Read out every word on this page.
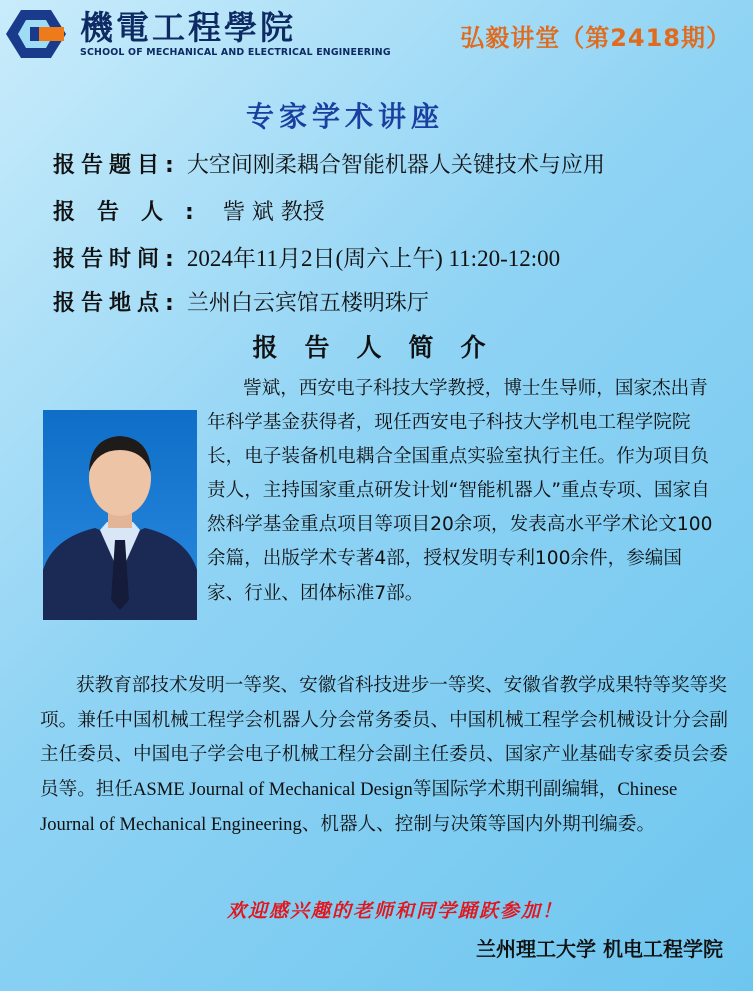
機電工程學院
SCHOOL OF MECHANICAL AND ELECTRICAL ENGINEERING
弘毅讲堂（第2418期）
专家学术讲座
报告题目: 大空间刚柔耦合智能机器人关键技术与应用
报告人: 訾 斌 教授
报告时间: 2024年11月2日(周六上午) 11:20-12:00
报告地点: 兰州白云宾馆五楼明珠厅
报告人简介
訾斌，西安电子科技大学教授，博士生导师，国家杰出青年科学基金获得者，现任西安电子科技大学机电工程学院院长，电子装备机电耦合全国重点实验室执行主任。作为项目负责人，主持国家重点研发计划“智能机器人”重点专项、国家自然科学基金重点项目等项目20余项，发表高水平学术论文100余篇，出版学术专著4部，授权发明专利100余件，参编国家、行业、团体标准7部。
获教育部技术发明一等奖、安徽省科技进步一等奖、安徽省教学成果特等奖等奖项。兼任中国机械工程学会机器人分会常务委员、中国机械工程学会机械设计分会副主任委员、中国电子学会电子机械工程分会副主任委员、国家产业基础专家委员会委员等。担任ASME Journal of Mechanical Design等国际学术期刊副编辑，Chinese Journal of Mechanical Engineering、机器人、控制与决策等国内外期刊编委。
欢迎感兴趣的老师和同学踊跃参加！
兰州理工大学 机电工程学院
